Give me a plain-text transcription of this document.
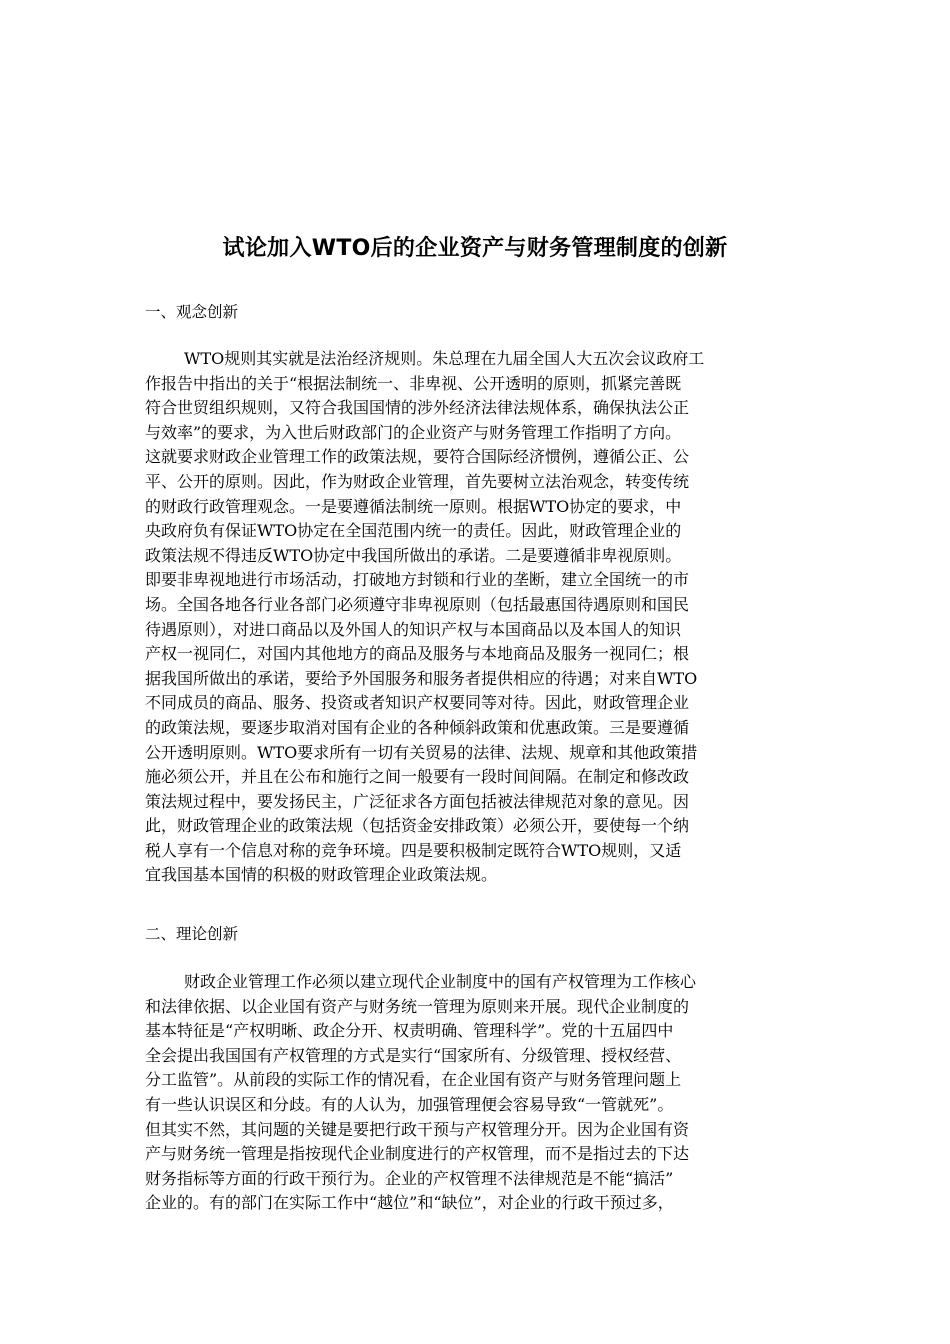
试论加入WTO后的企业资产与财务管理制度的创新
一、观念创新
WTO规则其实就是法治经济规则。朱总理在九届全国人大五次会议政府工
作报告中指出的关于“根据法制统一、非卑视、公开透明的原则，抓紧完善既
符合世贸组织规则，又符合我国国情的涉外经济法律法规体系，确保执法公正
与效率”的要求，为入世后财政部门的企业资产与财务管理工作指明了方向。
这就要求财政企业管理工作的政策法规，要符合国际经济惯例，遵循公正、公
平、公开的原则。因此，作为财政企业管理，首先要树立法治观念，转变传统
的财政行政管理观念。一是要遵循法制统一原则。根据WTO协定的要求，中
央政府负有保证WTO协定在全国范围内统一的责任。因此，财政管理企业的
政策法规不得违反WTO协定中我国所做出的承诺。二是要遵循非卑视原则。
即要非卑视地进行市场活动，打破地方封锁和行业的垄断，建立全国统一的市
场。全国各地各行业各部门必须遵守非卑视原则（包括最惠国待遇原则和国民
待遇原则），对进口商品以及外国人的知识产权与本国商品以及本国人的知识
产权一视同仁，对国内其他地方的商品及服务与本地商品及服务一视同仁；根
据我国所做出的承诺，要给予外国服务和服务者提供相应的待遇；对来自WTO
不同成员的商品、服务、投资或者知识产权要同等对待。因此，财政管理企业
的政策法规，要逐步取消对国有企业的各种倾斜政策和优惠政策。三是要遵循
公开透明原则。WTO要求所有一切有关贸易的法律、法规、规章和其他政策措
施必须公开，并且在公布和施行之间一般要有一段时间间隔。在制定和修改政
策法规过程中，要发扬民主，广泛征求各方面包括被法律规范对象的意见。因
此，财政管理企业的政策法规（包括资金安排政策）必须公开，要使每一个纳
税人享有一个信息对称的竞争环境。四是要积极制定既符合WTO规则，又适
宜我国基本国情的积极的财政管理企业政策法规。
二、理论创新
财政企业管理工作必须以建立现代企业制度中的国有产权管理为工作核心
和法律依据、以企业国有资产与财务统一管理为原则来开展。现代企业制度的
基本特征是“产权明晰、政企分开、权责明确、管理科学”。党的十五届四中
全会提出我国国有产权管理的方式是实行“国家所有、分级管理、授权经营、
分工监管”。从前段的实际工作的情况看，在企业国有资产与财务管理问题上
有一些认识误区和分歧。有的人认为，加强管理便会容易导致“一管就死”。
但其实不然，其问题的关键是要把行政干预与产权管理分开。因为企业国有资
产与财务统一管理是指按现代企业制度进行的产权管理，而不是指过去的下达
财务指标等方面的行政干预行为。企业的产权管理不法律规范是不能“搞活”
企业的。有的部门在实际工作中“越位”和“缺位”，对企业的行政干预过多，
